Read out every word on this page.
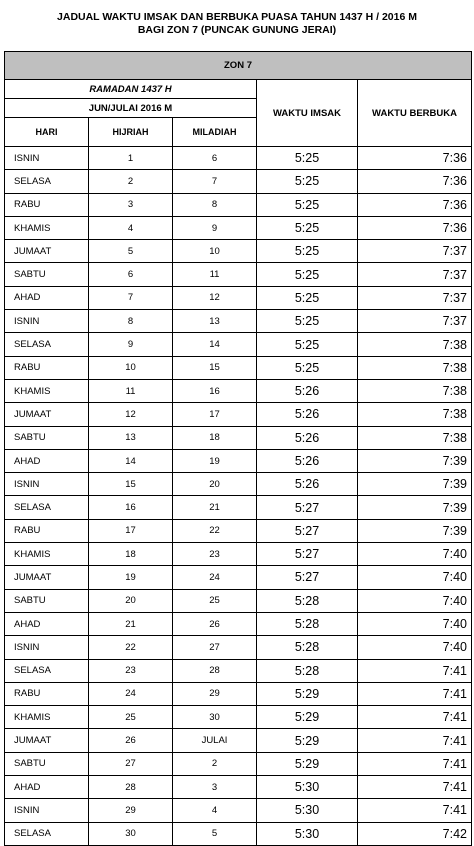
JADUAL WAKTU IMSAK DAN BERBUKA PUASA TAHUN 1437 H / 2016 M
BAGI ZON 7 (PUNCAK GUNUNG JERAI)
ZON 7				
RAMADAN 1437 H			WAKTU IMSAK	WAKTU BERBUKA
JUN/JULAI 2016 M				
HARI	HIJRIAH	MILADIAH		
ISNIN	1	6	5:25	7:36
SELASA	2	7	5:25	7:36
RABU	3	8	5:25	7:36
KHAMIS	4	9	5:25	7:36
JUMAAT	5	10	5:25	7:37
SABTU	6	11	5:25	7:37
AHAD	7	12	5:25	7:37
ISNIN	8	13	5:25	7:37
SELASA	9	14	5:25	7:38
RABU	10	15	5:25	7:38
KHAMIS	11	16	5:26	7:38
JUMAAT	12	17	5:26	7:38
SABTU	13	18	5:26	7:38
AHAD	14	19	5:26	7:39
ISNIN	15	20	5:26	7:39
SELASA	16	21	5:27	7:39
RABU	17	22	5:27	7:39
KHAMIS	18	23	5:27	7:40
JUMAAT	19	24	5:27	7:40
SABTU	20	25	5:28	7:40
AHAD	21	26	5:28	7:40
ISNIN	22	27	5:28	7:40
SELASA	23	28	5:28	7:41
RABU	24	29	5:29	7:41
KHAMIS	25	30	5:29	7:41
JUMAAT	26	JULAI	5:29	7:41
SABTU	27	2	5:29	7:41
AHAD	28	3	5:30	7:41
ISNIN	29	4	5:30	7:41
SELASA	30	5	5:30	7:42
